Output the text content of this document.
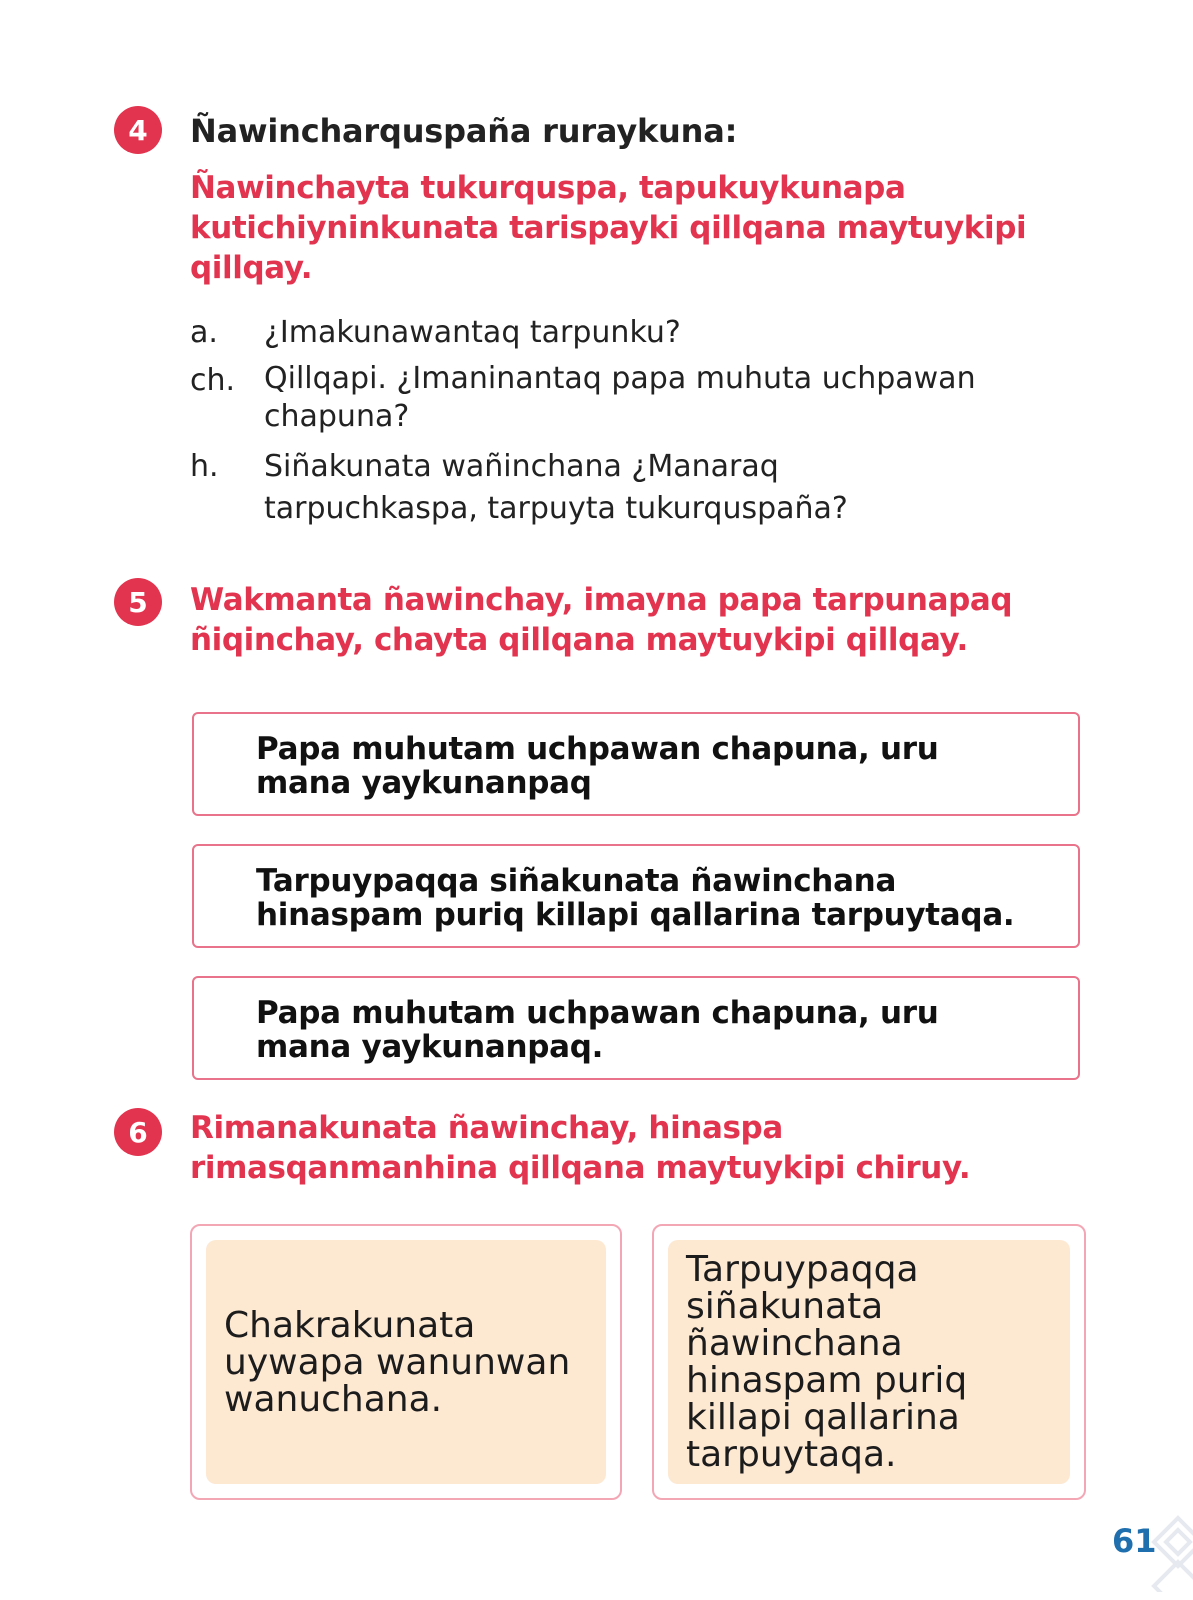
4	Ñawincharquspaña ruraykuna:
Ñawinchayta tukurquspa, tapukuykunapa kutichiyninkunata tarispayki qillqana maytuykipi qillqay.
a.	¿Imakunawantaq tarpunku?
ch. Qillqapi. ¿Imaninantaq papa muhuta uchpawan chapuna?
h.	Siñakunata wañinchana ¿Manaraq tarpuchkaspa, tarpuyta tukurquspaña?
5	Wakmanta ñawinchay, imayna papa tarpunapaq ñiqinchay, chayta qillqana maytuykipi qillqay.
Papa muhutam uchpawan chapuna, uru mana yaykunanpaq
Tarpuypaqqa siñakunata ñawinchana hinaspam puriq killapi qallarina tarpuytaqa.
Papa muhutam uchpawan chapuna, uru mana yaykunanpaq.
6	Rimanakunata ñawinchay, hinaspa rimasqanmanhina qillqana maytuykipi chiruy.
Chakrakunata uywapa wanunwan wanuchana.
Tarpuypaqqa siñakunata ñawinchana hinaspam puriq killapi qallarina tarpuytaqa.
61
